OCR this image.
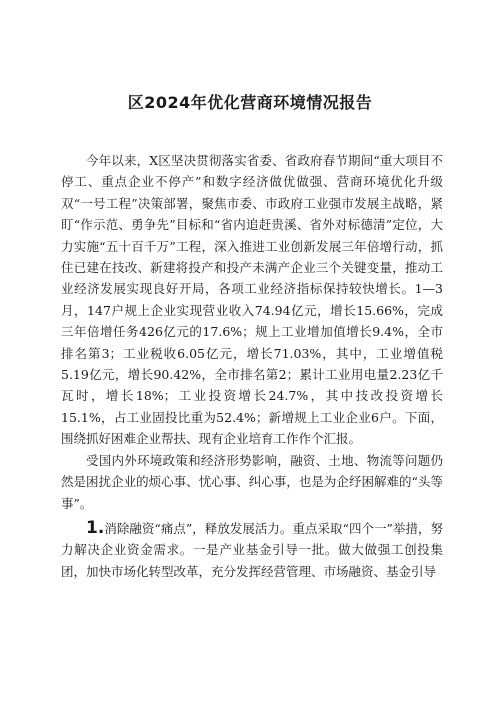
区2024年优化营商环境情况报告

今年以来，X区坚决贯彻落实省委、省政府春节期间“重大项目不停工、重点企业不停产”和数字经济做优做强、营商环境优化升级双“一号工程”决策部署，聚焦市委、市政府工业强市发展主战略，紧盯“作示范、勇争先”目标和“省内追赶贵溪、省外对标德清”定位，大力实施“五十百千万”工程，深入推进工业创新发展三年倍增行动，抓住已建在技改、新建将投产和投产未满产企业三个关键变量，推动工业经济发展实现良好开局，各项工业经济指标保持较快增长。1—3月，147户规上企业实现营业收入74.94亿元，增长15.66%，完成三年倍增任务426亿元的17.6%；规上工业增加值增长9.4%，全市排名第3；工业税收6.05亿元，增长71.03%，其中，工业增值税5.19亿元，增长90.42%，全市排名第2；累计工业用电量2.23亿千瓦时，增长18%；工业投资增长24.7%，其中技改投资增长15.1%，占工业固投比重为52.4%；新增规上工业企业6户。下面，围绕抓好困难企业帮扶、现有企业培育工作作个汇报。

受国内外环境政策和经济形势影响，融资、土地、物流等问题仍然是困扰企业的烦心事、忧心事、纠心事，也是为企纾困解难的“头等事”。

1.消除融资“痛点”，释放发展活力。重点采取“四个一”举措，努力解决企业资金需求。一是产业基金引导一批。做大做强工创投集团，加快市场化转型改革，充分发挥经营管理、市场融资、基金引导
